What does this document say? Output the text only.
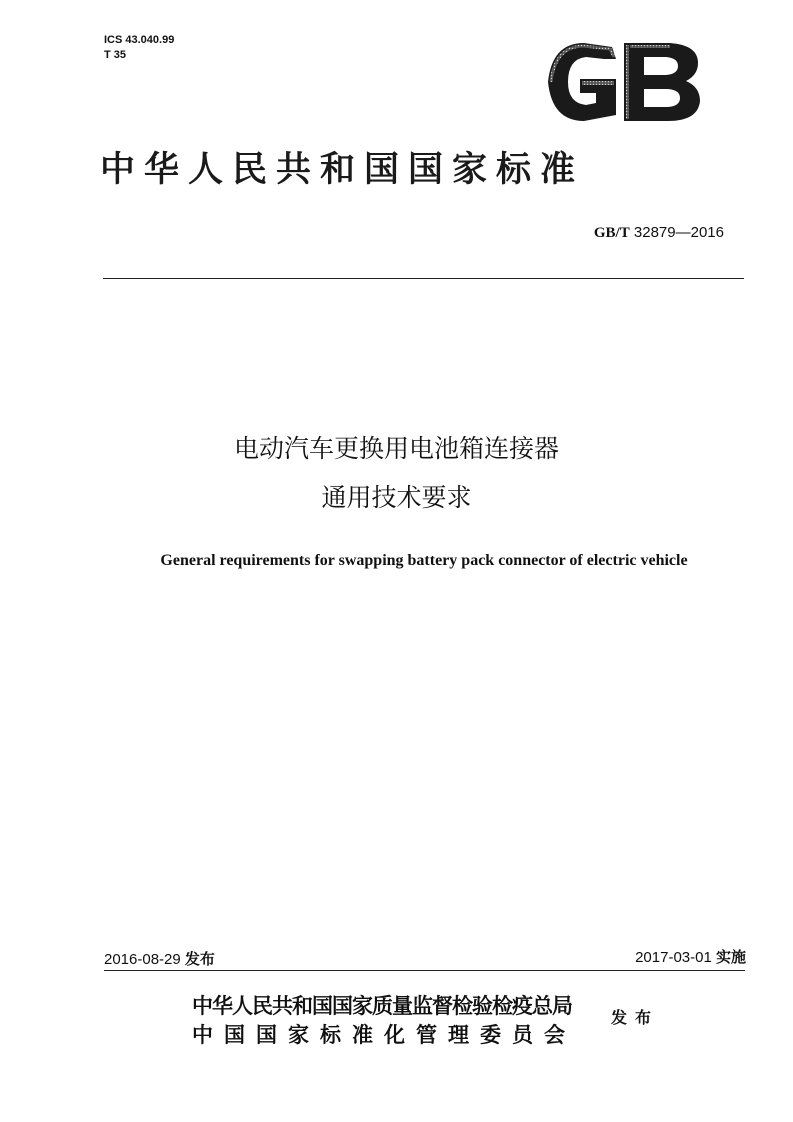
ICS 43.040.99
T 35
中华人民共和国国家标准
GB/T 32879—2016
电动汽车更换用电池箱连接器
通用技术要求
General requirements for swapping battery pack connector of electric vehicle
2016-08-29 发布	2017-03-01 实施
中华人民共和国国家质量监督检验检疫总局
中国国家标准化管理委员会
发布
